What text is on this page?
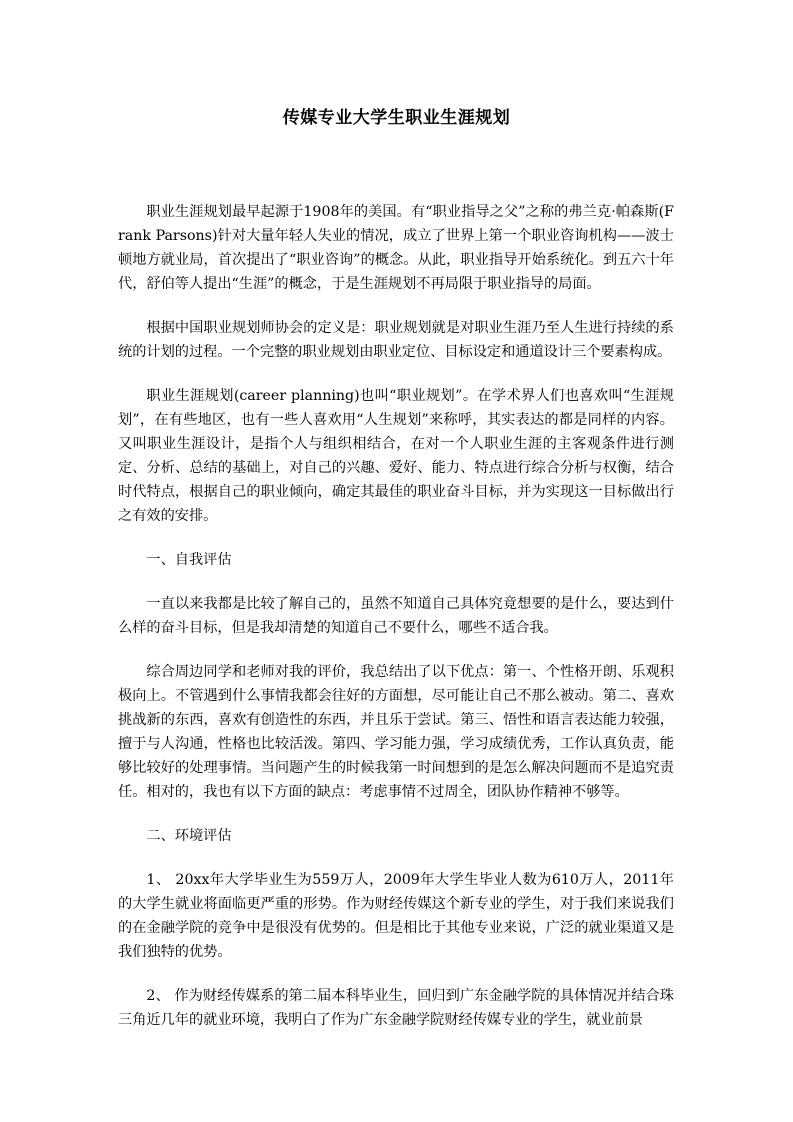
传媒专业大学生职业生涯规划

职业生涯规划最早起源于1908年的美国。有“职业指导之父”之称的弗兰克·帕森斯(Frank Parsons)针对大量年轻人失业的情况，成立了世界上第一个职业咨询机构——波士顿地方就业局，首次提出了“职业咨询”的概念。从此，职业指导开始系统化。到五六十年代，舒伯等人提出“生涯”的概念，于是生涯规划不再局限于职业指导的局面。

根据中国职业规划师协会的定义是：职业规划就是对职业生涯乃至人生进行持续的系统的计划的过程。一个完整的职业规划由职业定位、目标设定和通道设计三个要素构成。

职业生涯规划(career planning)也叫“职业规划”。在学术界人们也喜欢叫“生涯规划”，在有些地区，也有一些人喜欢用“人生规划”来称呼，其实表达的都是同样的内容。又叫职业生涯设计，是指个人与组织相结合，在对一个人职业生涯的主客观条件进行测定、分析、总结的基础上，对自己的兴趣、爱好、能力、特点进行综合分析与权衡，结合时代特点，根据自己的职业倾向，确定其最佳的职业奋斗目标，并为实现这一目标做出行之有效的安排。

一、自我评估

一直以来我都是比较了解自己的，虽然不知道自己具体究竟想要的是什么，要达到什么样的奋斗目标，但是我却清楚的知道自己不要什么，哪些不适合我。

综合周边同学和老师对我的评价，我总结出了以下优点：第一、个性格开朗、乐观积极向上。不管遇到什么事情我都会往好的方面想，尽可能让自己不那么被动。第二、喜欢挑战新的东西，喜欢有创造性的东西，并且乐于尝试。第三、悟性和语言表达能力较强，擅于与人沟通，性格也比较活泼。第四、学习能力强，学习成绩优秀，工作认真负责，能够比较好的处理事情。当问题产生的时候我第一时间想到的是怎么解决问题而不是追究责任。相对的，我也有以下方面的缺点：考虑事情不过周全，团队协作精神不够等。

二、环境评估

1、 20xx年大学毕业生为559万人，2009年大学生毕业人数为610万人，2011年的大学生就业将面临更严重的形势。作为财经传媒这个新专业的学生，对于我们来说我们的在金融学院的竞争中是很没有优势的。但是相比于其他专业来说，广泛的就业渠道又是我们独特的优势。

2、 作为财经传媒系的第二届本科毕业生，回归到广东金融学院的具体情况并结合珠三角近几年的就业环境，我明白了作为广东金融学院财经传媒专业的学生，就业前景
